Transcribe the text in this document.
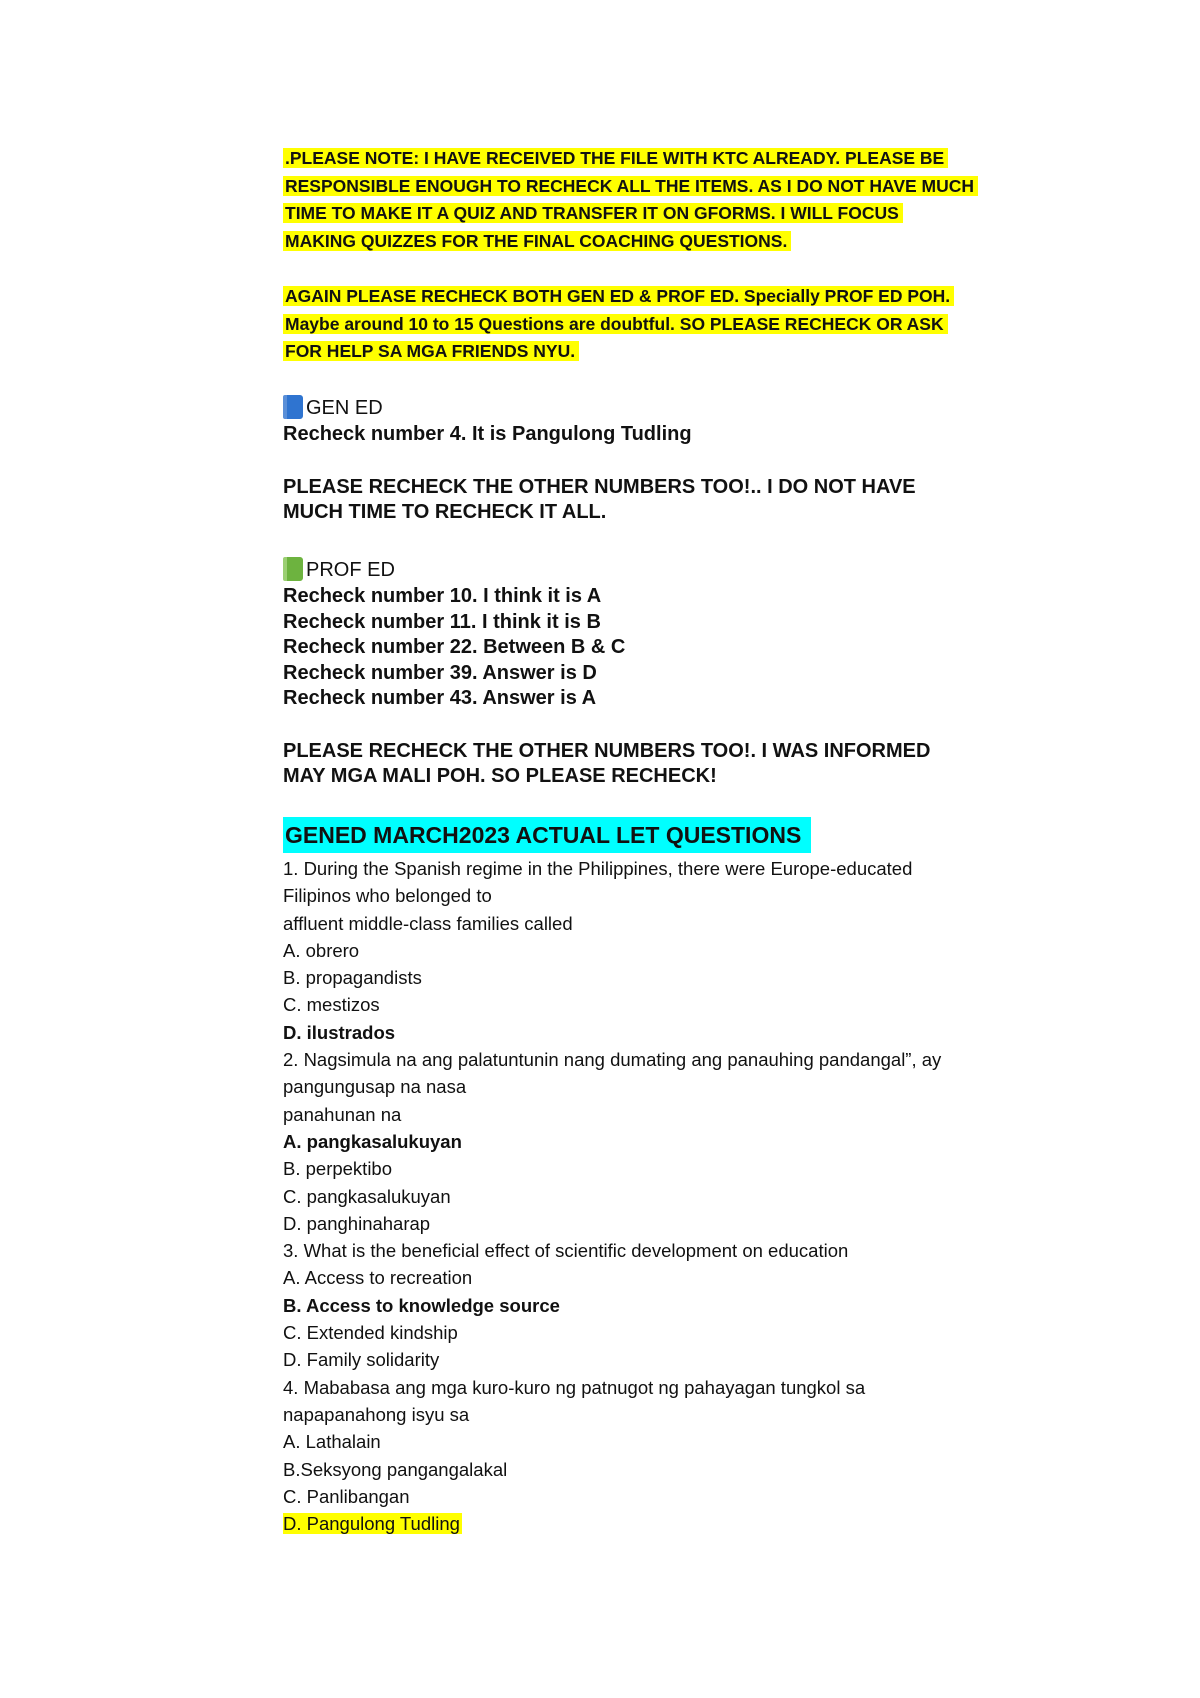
.PLEASE NOTE: I HAVE RECEIVED THE FILE WITH KTC ALREADY. PLEASE BE
RESPONSIBLE ENOUGH TO RECHECK ALL THE ITEMS. AS I DO NOT HAVE MUCH
TIME TO MAKE IT A QUIZ AND TRANSFER IT ON GFORMS. I WILL FOCUS
MAKING QUIZZES FOR THE FINAL COACHING QUESTIONS.
AGAIN PLEASE RECHECK BOTH GEN ED & PROF ED. Specially PROF ED POH.
Maybe around 10 to 15 Questions are doubtful. SO PLEASE RECHECK OR ASK
FOR HELP SA MGA FRIENDS NYU.
GEN ED
Recheck number 4. It is Pangulong Tudling
PLEASE RECHECK THE OTHER NUMBERS TOO!.. I DO NOT HAVE
MUCH TIME TO RECHECK IT ALL.
PROF ED
Recheck number 10. I think it is A
Recheck number 11. I think it is B
Recheck number 22. Between B & C
Recheck number 39. Answer is D
Recheck number 43. Answer is A
PLEASE RECHECK THE OTHER NUMBERS TOO!. I WAS INFORMED
MAY MGA MALI POH. SO PLEASE RECHECK!
GENED MARCH2023 ACTUAL LET QUESTIONS
1. During the Spanish regime in the Philippines, there were Europe-educated
Filipinos who belonged to
affluent middle-class families called
A. obrero
B. propagandists
C. mestizos
D. ilustrados
2. Nagsimula na ang palatuntunin nang dumating ang panauhing pandangal”, ay
pangungusap na nasa
panahunan na
A. pangkasalukuyan
B. perpektibo
C. pangkasalukuyan
D. panghinaharap
3. What is the beneficial effect of scientific development on education
A. Access to recreation
B. Access to knowledge source
C. Extended kindship
D. Family solidarity
4. Mababasa ang mga kuro-kuro ng patnugot ng pahayagan tungkol sa
napapanahong isyu sa
A. Lathalain
B.Seksyong pangangalakal
C. Panlibangan
D. Pangulong Tudling
